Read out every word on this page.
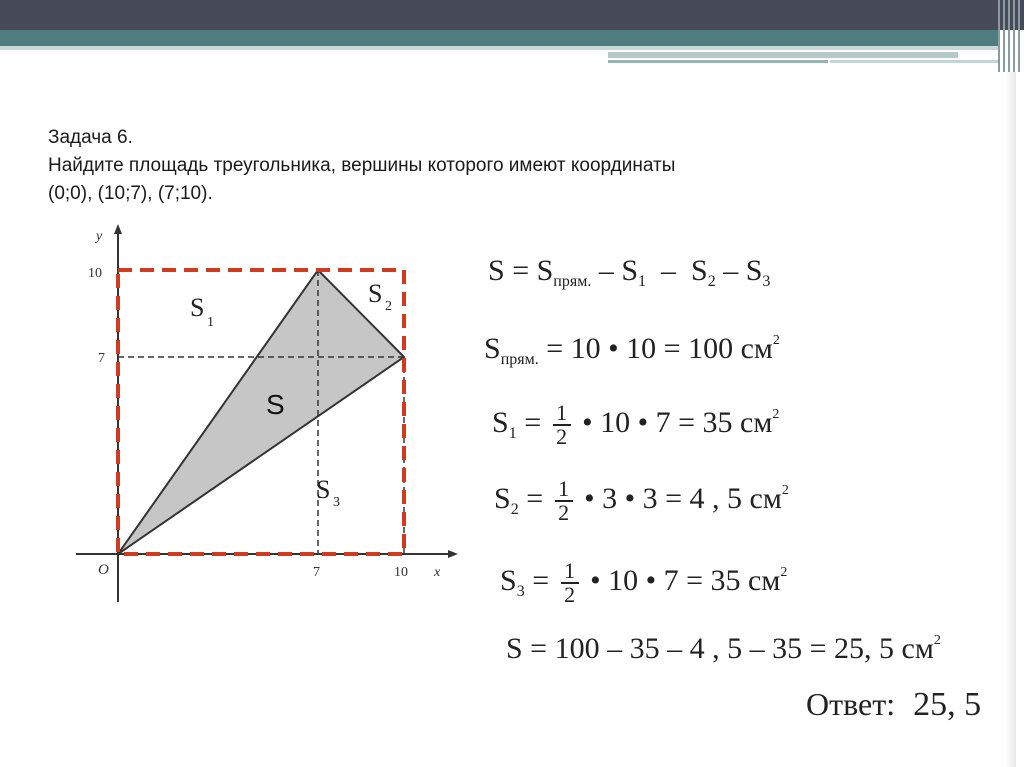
Задача 6.
Найдите площадь треугольника, вершины которого имеют координаты
(0;0), (10;7), (7;10).
y
x
O
10
7
7	10
S
S
1
S 2
S 3
$S = S_{прям.} - S_1 - S_2 - S_3$
$S_{прям.} = 10$ • 10 = 100 $см^2$
$S_1 = \frac{1}{2}$ • 10 • 7 = 35 $см^2$
$S_2 = \frac{1}{2}$ • 3 • 3 = 4 , 5 $см^2$
$S_3 = \frac{1}{2}$ • 10 • 7 = 35 $см^2$
S = 100 – 35 – 4 , 5 – 35 = 25, 5 $см^2$
Ответ: 25, 5
